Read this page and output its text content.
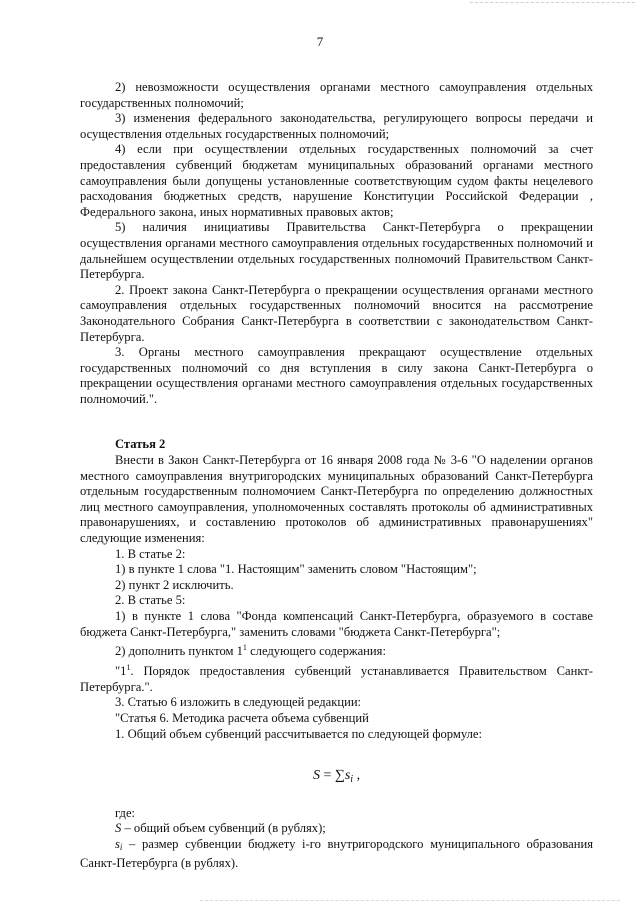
7

2) невозможности осуществления органами местного самоуправления отдельных государственных полномочий;

3) изменения федерального законодательства, регулирующего вопросы передачи и осуществления отдельных государственных полномочий;

4) если при осуществлении отдельных государственных полномочий за счет предоставления субвенций бюджетам муниципальных образований органами местного самоуправления были допущены установленные соответствующим судом факты нецелевого расходования бюджетных средств, нарушение Конституции Российской Федерации , Федерального закона, иных нормативных правовых актов;

5) наличия инициативы Правительства Санкт-Петербурга о прекращении осуществления органами местного самоуправления отдельных государственных полномочий и дальнейшем осуществлении отдельных государственных полномочий Правительством Санкт-Петербурга.

2. Проект закона Санкт-Петербурга о прекращении осуществления органами местного самоуправления отдельных государственных полномочий вносится на рассмотрение Законодательного Собрания Санкт-Петербурга в соответствии с законодательством Санкт-Петербурга.

3. Органы местного самоуправления прекращают осуществление отдельных государственных полномочий со дня вступления в силу закона Санкт-Петербурга о прекращении осуществления органами местного самоуправления отдельных государственных полномочий.".

Статья 2

Внести в Закон Санкт-Петербурга от 16 января 2008 года № 3-6 "О наделении органов местного самоуправления внутригородских муниципальных образований Санкт-Петербурга отдельным государственным полномочием Санкт-Петербурга по определению должностных лиц местного самоуправления, уполномоченных составлять протоколы об административных правонарушениях, и составлению протоколов об административных правонарушениях" следующие изменения:

1. В статье 2:

1) в пункте 1 слова "1. Настоящим" заменить словом "Настоящим";

2) пункт 2 исключить.

2. В статье 5:

1) в пункте 1 слова "Фонда компенсаций Санкт-Петербурга, образуемого в составе бюджета Санкт-Петербурга," заменить словами "бюджета Санкт-Петербурга";

2) дополнить пунктом $1^1$ следующего содержания:

"$1^1$. Порядок предоставления субвенций устанавливается Правительством Санкт-Петербурга.".

3. Статью 6 изложить в следующей редакции:

"Статья 6. Методика расчета объема субвенций

1. Общий объем субвенций рассчитывается по следующей формуле:

$S = \sum s_i$ ,

где:

S – общий объем субвенций (в рублях);

$s_i$ – размер субвенции бюджету i-го внутригородского муниципального образования Санкт-Петербурга (в рублях).
